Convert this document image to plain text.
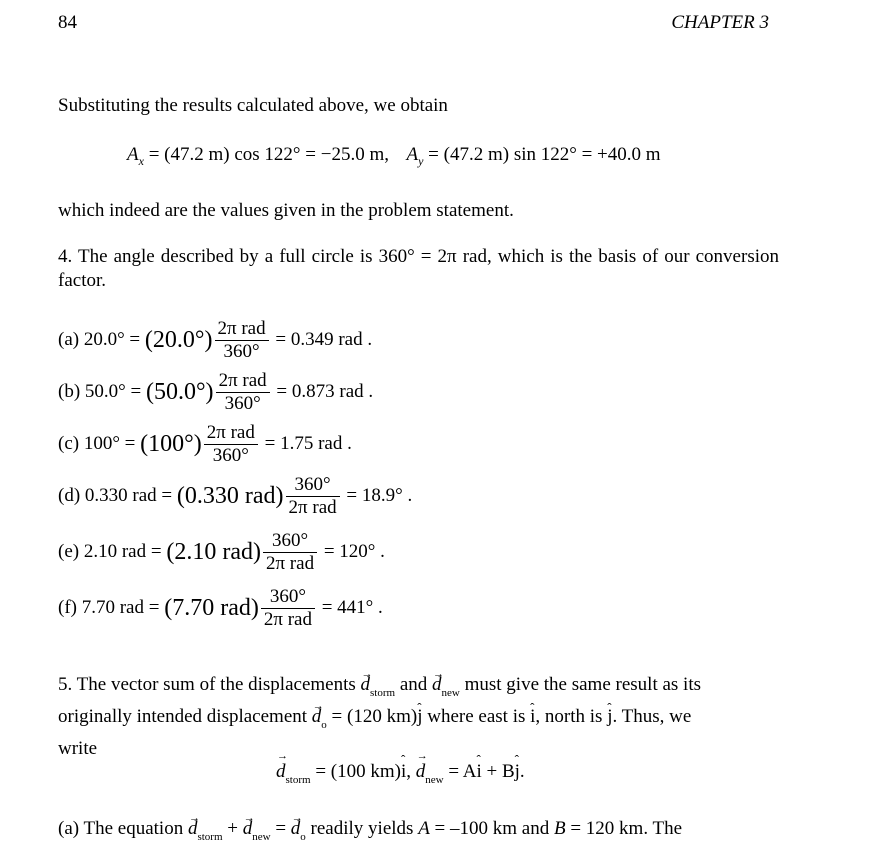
84	CHAPTER 3
Substituting the results calculated above, we obtain
$A_x = (47.2$ m) cos 122° = −25.0 m, $A_y = (47.2$ m) sin 122° = +40.0 m
which indeed are the values given in the problem statement.
4. The angle described by a full circle is 360° = 2π rad, which is the basis of our conversion factor.
(a) $20.0^\circ = (20.0^\circ) \frac{\text{2π rad}}{360^\circ} = 0.349$ rad .
(b) $50.0^\circ = (50.0^\circ) \frac{\text{2π rad}}{360^\circ} = 0.873$ rad .
(c) $100^\circ = (100^\circ) \frac{\text{2π rad}}{360^\circ} = 1.75$ rad .
(d) 0.330 rad = (0.330 $rad) \frac{360^\circ}{\text{2π rad}} = 18.9^\circ$ .
(e) 2.10 rad = (2.10 $rad) \frac{360^\circ}{\text{2π rad}} = 120^\circ$ .
(f) 7.70 rad = (7.70 $rad) \frac{360^\circ}{\text{2π rad}} = 441^\circ$ .
5. The vector sum of the displacements → $d_{storm}$ and → $d_{new}$ must give the same result as its
originally intended displacement → $d_o = (120$ km)ˆ j where east is ˆ i, north is ˆ j. Thus, we
write
→ $d_{storm} = (100$ km)ˆ i, → $d_{new}$ = Aˆ i + Bˆ j.
(a) The equation → $d_{storm}$ + → $d_{new}$ = → $d_o$ readily yields A = –100 km and B = 120 km. The
